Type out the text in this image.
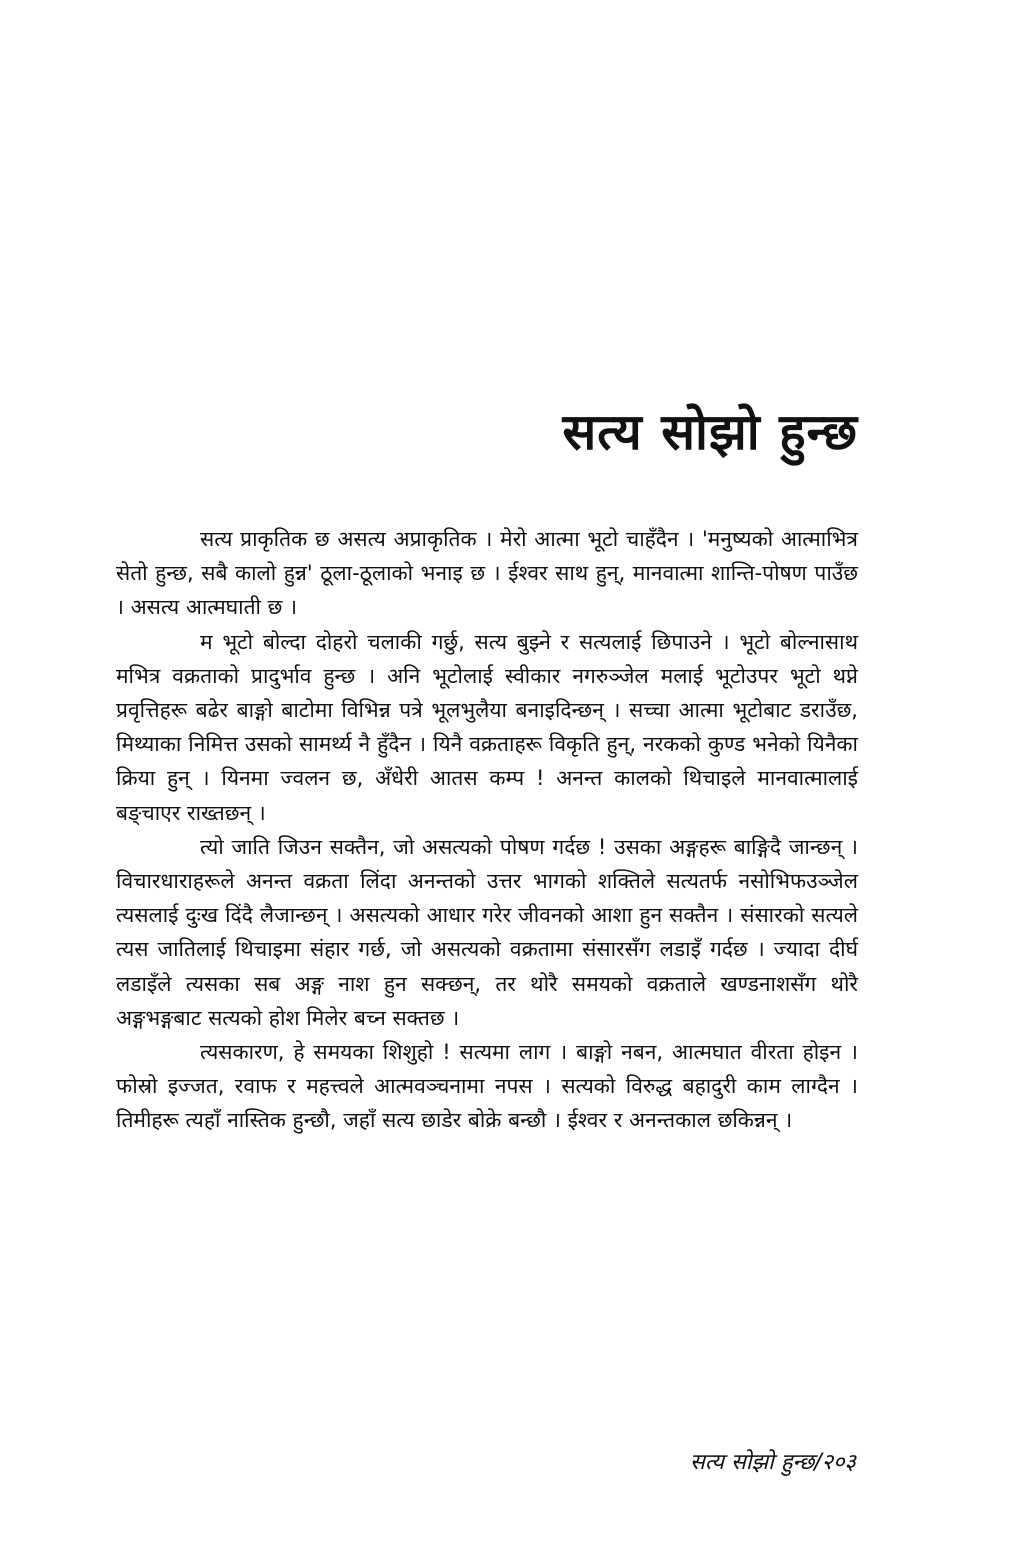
सत्य सोझो हुन्छ

सत्य प्राकृतिक छ असत्य अप्राकृतिक । मेरो आत्मा भूटो चाहँदैन । 'मनुष्यको आत्माभित्र सेतो हुन्छ, सबै कालो हुन्न' ठूला-ठूलाको भनाइ छ । ईश्वर साथ हुन्, मानवात्मा शान्ति-पोषण पाउँछ । असत्य आत्मघाती छ ।

म भूटो बोल्दा दोहरो चलाकी गर्छु, सत्य बुझ्ने र सत्यलाई छिपाउने । भूटो बोल्नासाथ मभित्र वक्रताको प्रादुर्भाव हुन्छ । अनि भूटोलाई स्वीकार नगरुञ्जेल मलाई भूटोउपर भूटो थप्ने प्रवृत्तिहरू बढेर बाङ्गो बाटोमा विभिन्न पत्रे भूलभुलैया बनाइदिन्छन् । सच्चा आत्मा भूटोबाट डराउँछ, मिथ्याका निमित्त उसको सामर्थ्य नै हुँदैन । यिनै वक्रताहरू विकृति हुन्, नरकको कुण्ड भनेको यिनैका क्रिया हुन् । यिनमा ज्वलन छ, अँधेरी आतस कम्प ! अनन्त कालको थिचाइले मानवात्मालाई बङ्चाएर राख्तछन् ।

त्यो जाति जिउन सक्तैन, जो असत्यको पोषण गर्दछ ! उसका अङ्गहरू बाङ्गिदै जान्छन् । विचारधाराहरूले अनन्त वक्रता लिंदा अनन्तको उत्तर भागको शक्तिले सत्यतर्फ नसोभिफउञ्जेल त्यसलाई दुःख दिंदै लैजान्छन् । असत्यको आधार गरेर जीवनको आशा हुन सक्तैन । संसारको सत्यले त्यस जातिलाई थिचाइमा संहार गर्छ, जो असत्यको वक्रतामा संसारसँग लडाइँ गर्दछ । ज्यादा दीर्घ लडाइँले त्यसका सब अङ्ग नाश हुन सक्छन्, तर थोरै समयको वक्रताले खण्डनाशसँग थोरै अङ्गभङ्गबाट सत्यको होश मिलेर बच्न सक्तछ ।

त्यसकारण, हे समयका शिशुहो ! सत्यमा लाग । बाङ्गो नबन, आत्मघात वीरता होइन । फोस्रो इज्जत, रवाफ र महत्त्वले आत्मवञ्चनामा नपस । सत्यको विरुद्ध बहादुरी काम लाग्दैन । तिमीहरू त्यहाँ नास्तिक हुन्छौ, जहाँ सत्य छाडेर बोक्रे बन्छौ । ईश्वर र अनन्तकाल छकिन्नन् ।

सत्य सोझो हुन्छ/२०३
